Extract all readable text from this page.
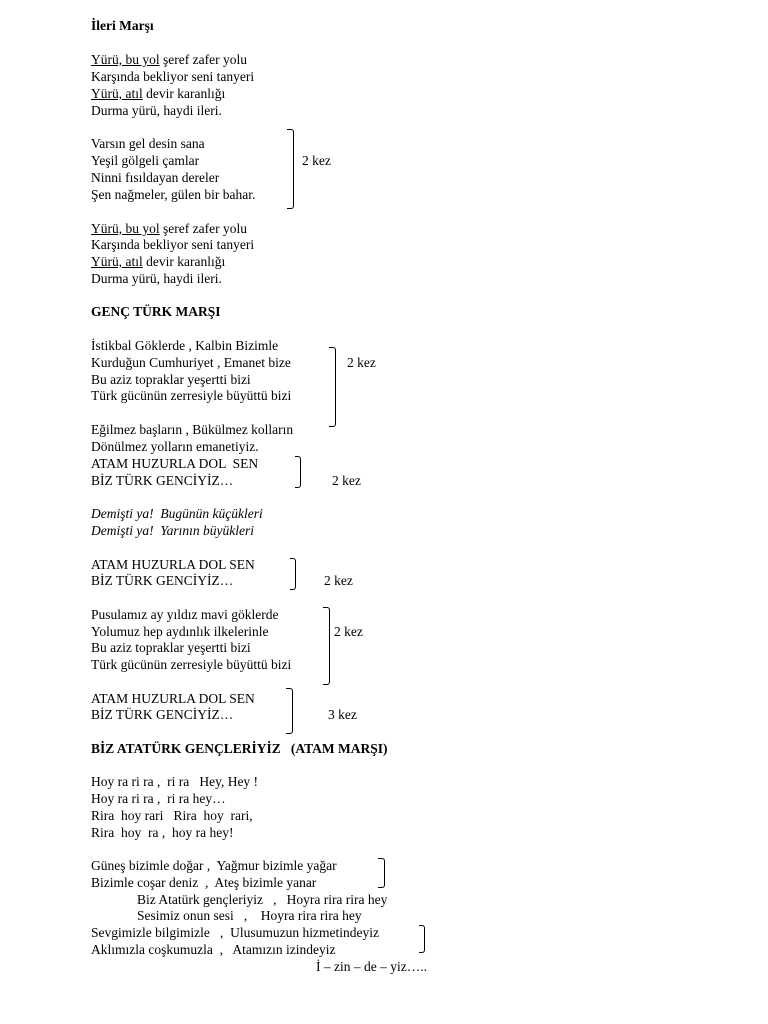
İleri Marşı
Yürü, bu yol şeref zafer yolu
Karşında bekliyor seni tanyeri
Yürü, atıl devir karanlığı
Durma yürü, haydi ileri.
Varsın gel desin sana
Yeşil gölgeli çamlar
Ninni fısıldayan dereler
Şen nağmeler, gülen bir bahar.
2 kez
Yürü, bu yol şeref zafer yolu
Karşında bekliyor seni tanyeri
Yürü, atıl devir karanlığı
Durma yürü, haydi ileri.
GENÇ TÜRK MARŞI
İstikbal Göklerde , Kalbin Bizimle
Kurduğun Cumhuriyet , Emanet bize
Bu aziz topraklar yeşertti bizi
Türk gücünün zerresiyle büyüttü bizi
2 kez
Eğilmez başların , Bükülmez kolların
Dönülmez yolların emanetiyiz.
ATAM HUZURLA DOL  SEN
BİZ TÜRK GENCİYİZ…	2 kez
Demişti ya!  Bugünün küçükleri
Demişti ya!  Yarının büyükleri
ATAM HUZURLA DOL SEN
BİZ TÜRK GENCİYİZ…	2 kez
Pusulamız ay yıldız mavi göklerde
Yolumuz hep aydınlık ilkelerinle
Bu aziz topraklar yeşertti bizi
Türk gücünün zerresiyle büyüttü bizi
2 kez
ATAM HUZURLA DOL SEN
BİZ TÜRK GENCİYİZ…	3 kez
BİZ ATATÜRK GENÇLERİYİZ   (ATAM MARŞI)
Hoy ra ri ra ,  ri ra   Hey, Hey !
Hoy ra ri ra ,  ri ra hey…
Rira  hoy rari   Rira  hoy  rari,
Rira  hoy  ra ,  hoy ra hey!
Güneş bizimle doğar ,  Yağmur bizimle yağar
Bizimle coşar deniz  ,  Ateş bizimle yanar
Biz Atatürk gençleriyiz   ,   Hoyra rira rira hey
Sesimiz onun sesi   ,    Hoyra rira rira hey
Sevgimizle bilgimizle   ,  Ulusumuzun hizmetindeyiz
Aklımızla coşkumuzla  ,   Atamızın izindeyiz
İ – zin – de – yiz…..
